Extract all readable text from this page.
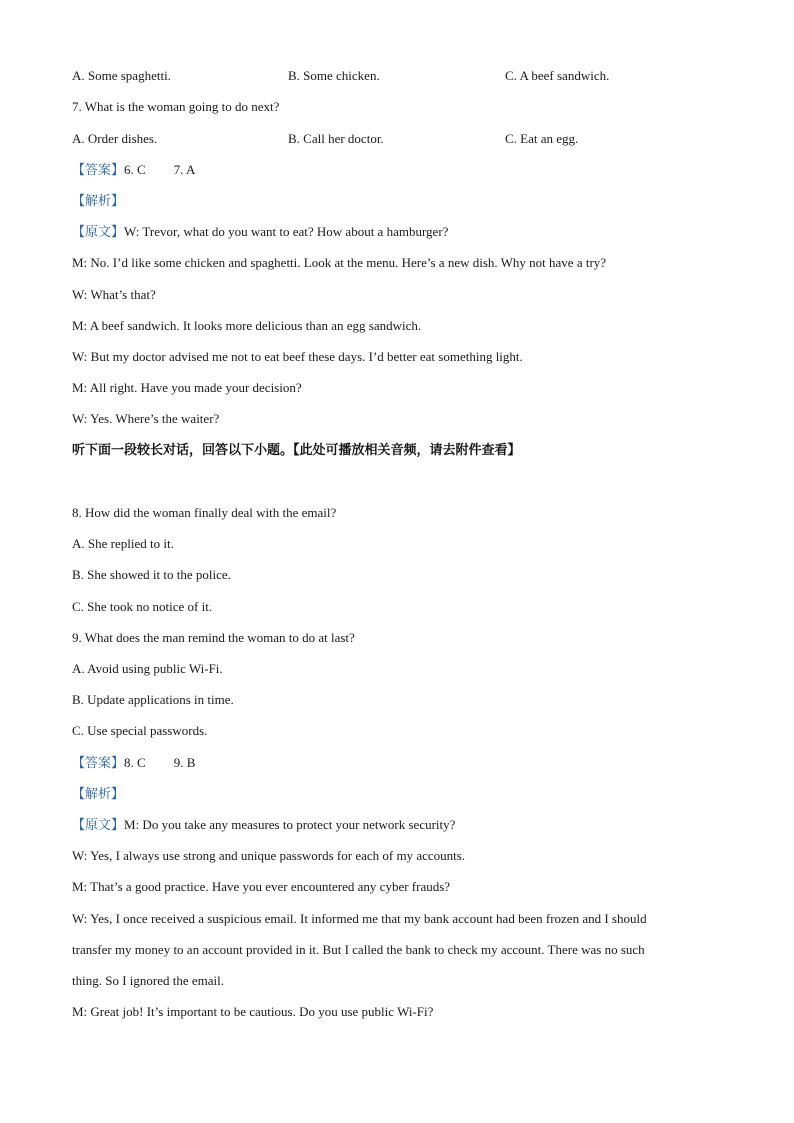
A. Some spaghetti.	B. Some chicken.	C. A beef sandwich.
7. What is the woman going to do next?
A. Order dishes.	B. Call her doctor.	C. Eat an egg.
【答案】6. C 7. A
【解析】
【原文】W: Trevor, what do you want to eat? How about a hamburger?
M: No. I’d like some chicken and spaghetti. Look at the menu. Here’s a new dish. Why not have a try?
W: What’s that?
M: A beef sandwich. It looks more delicious than an egg sandwich.
W: But my doctor advised me not to eat beef these days. I’d better eat something light.
M: All right. Have you made your decision?
W: Yes. Where’s the waiter?
听下面一段较长对话，回答以下小题。【此处可播放相关音频，请去附件查看】
8. How did the woman finally deal with the email?
A. She replied to it.
B. She showed it to the police.
C. She took no notice of it.
9. What does the man remind the woman to do at last?
A. Avoid using public Wi-Fi.
B. Update applications in time.
C. Use special passwords.
【答案】8. C 9. B
【解析】
【原文】M: Do you take any measures to protect your network security?
W: Yes, I always use strong and unique passwords for each of my accounts.
M: That’s a good practice. Have you ever encountered any cyber frauds?
W: Yes, I once received a suspicious email. It informed me that my bank account had been frozen and I should
transfer my money to an account provided in it. But I called the bank to check my account. There was no such
thing. So I ignored the email.
M: Great job! It’s important to be cautious. Do you use public Wi-Fi?
